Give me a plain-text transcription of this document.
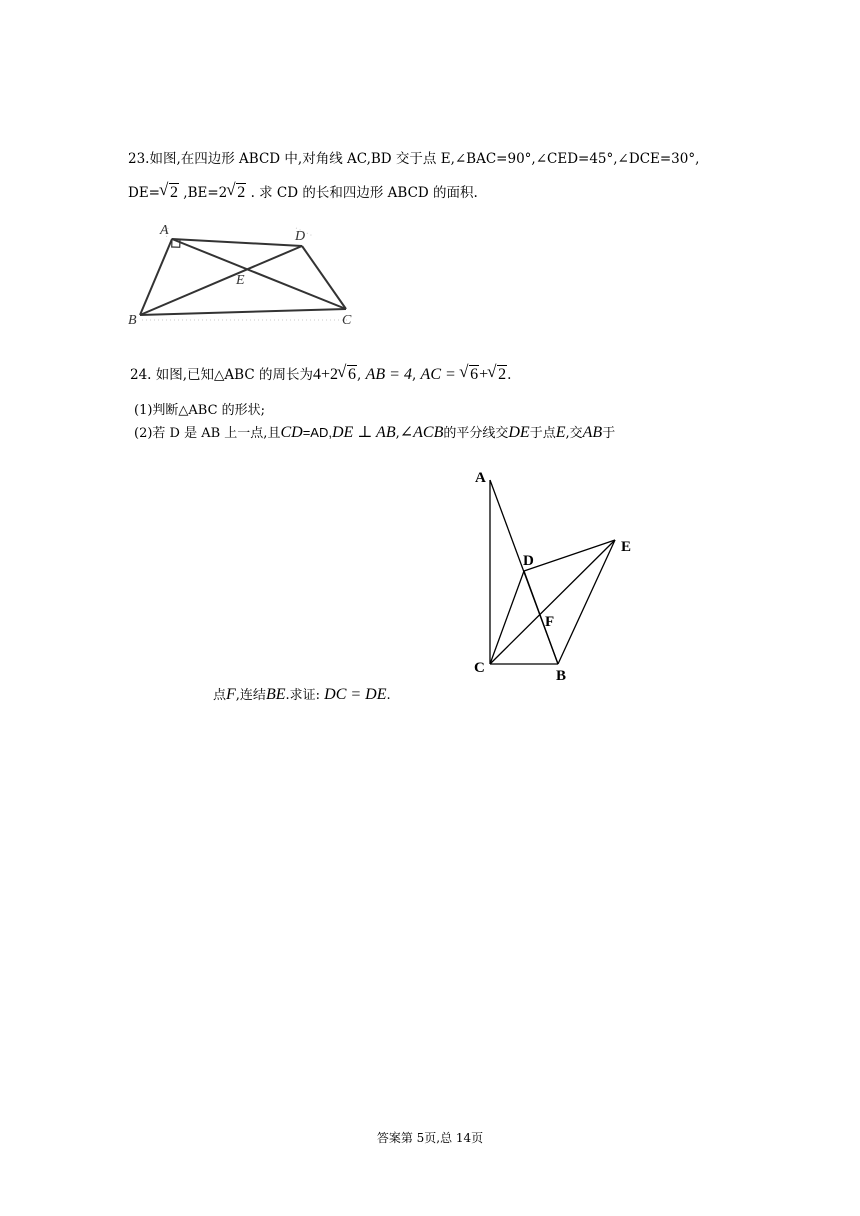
23.如图,在四边形 ABCD 中,对角线 AC,BD 交于点 E,∠BAC=90°,∠CED=45°,∠DCE=30°,
DE= √ 2 ,BE=2 √ 2 . 求 CD 的长和四边形 ABCD 的面积.
A	D
E
B	C
24. 如图,已知△ABC 的周长为4+2 √ 6, AB = 4, AC = √ 6+ √ 2.
(1)判断△ABC 的形状;
(2)若 D 是 AB 上一点,且CD=AD,DE ⊥ AB,∠ACB的平分线交DE于点E,交AB于
A
D
E
F
C	B
点F,连结BE.求证: DC = DE.
答案第 5页,总 14页
